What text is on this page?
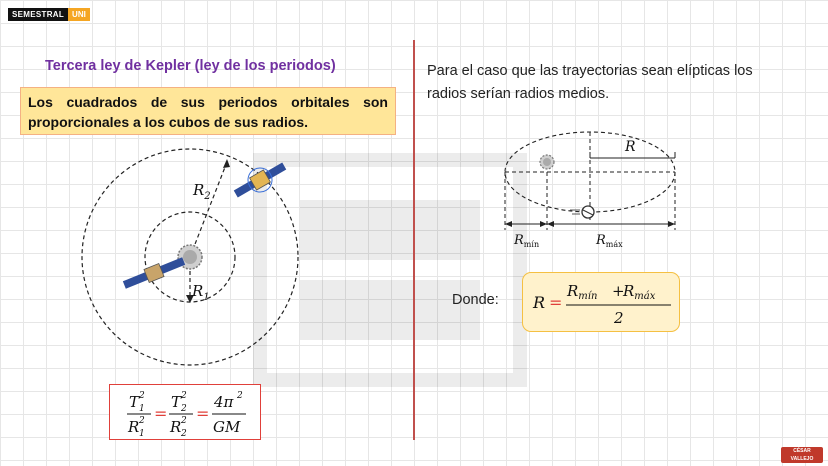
SEMESTRAL	UNI
Tercera ley de Kepler (ley de los periodos)
Los cuadrados de sus periodos orbitales son
proporcionales a los cubos de sus radios.
$R_2$
$R_1$
T 2
1
R 2
1
=
T 2
2
R 2
2
=
4π 2
GM
Para el caso que las trayectorias sean elípticas los radios serían radios medios.
R
$R_{mín}$	$R_{máx}$
Donde: R =
$R_{mín}$ +
$R_{máx}$
2
CÉSAR
VALLEJO
